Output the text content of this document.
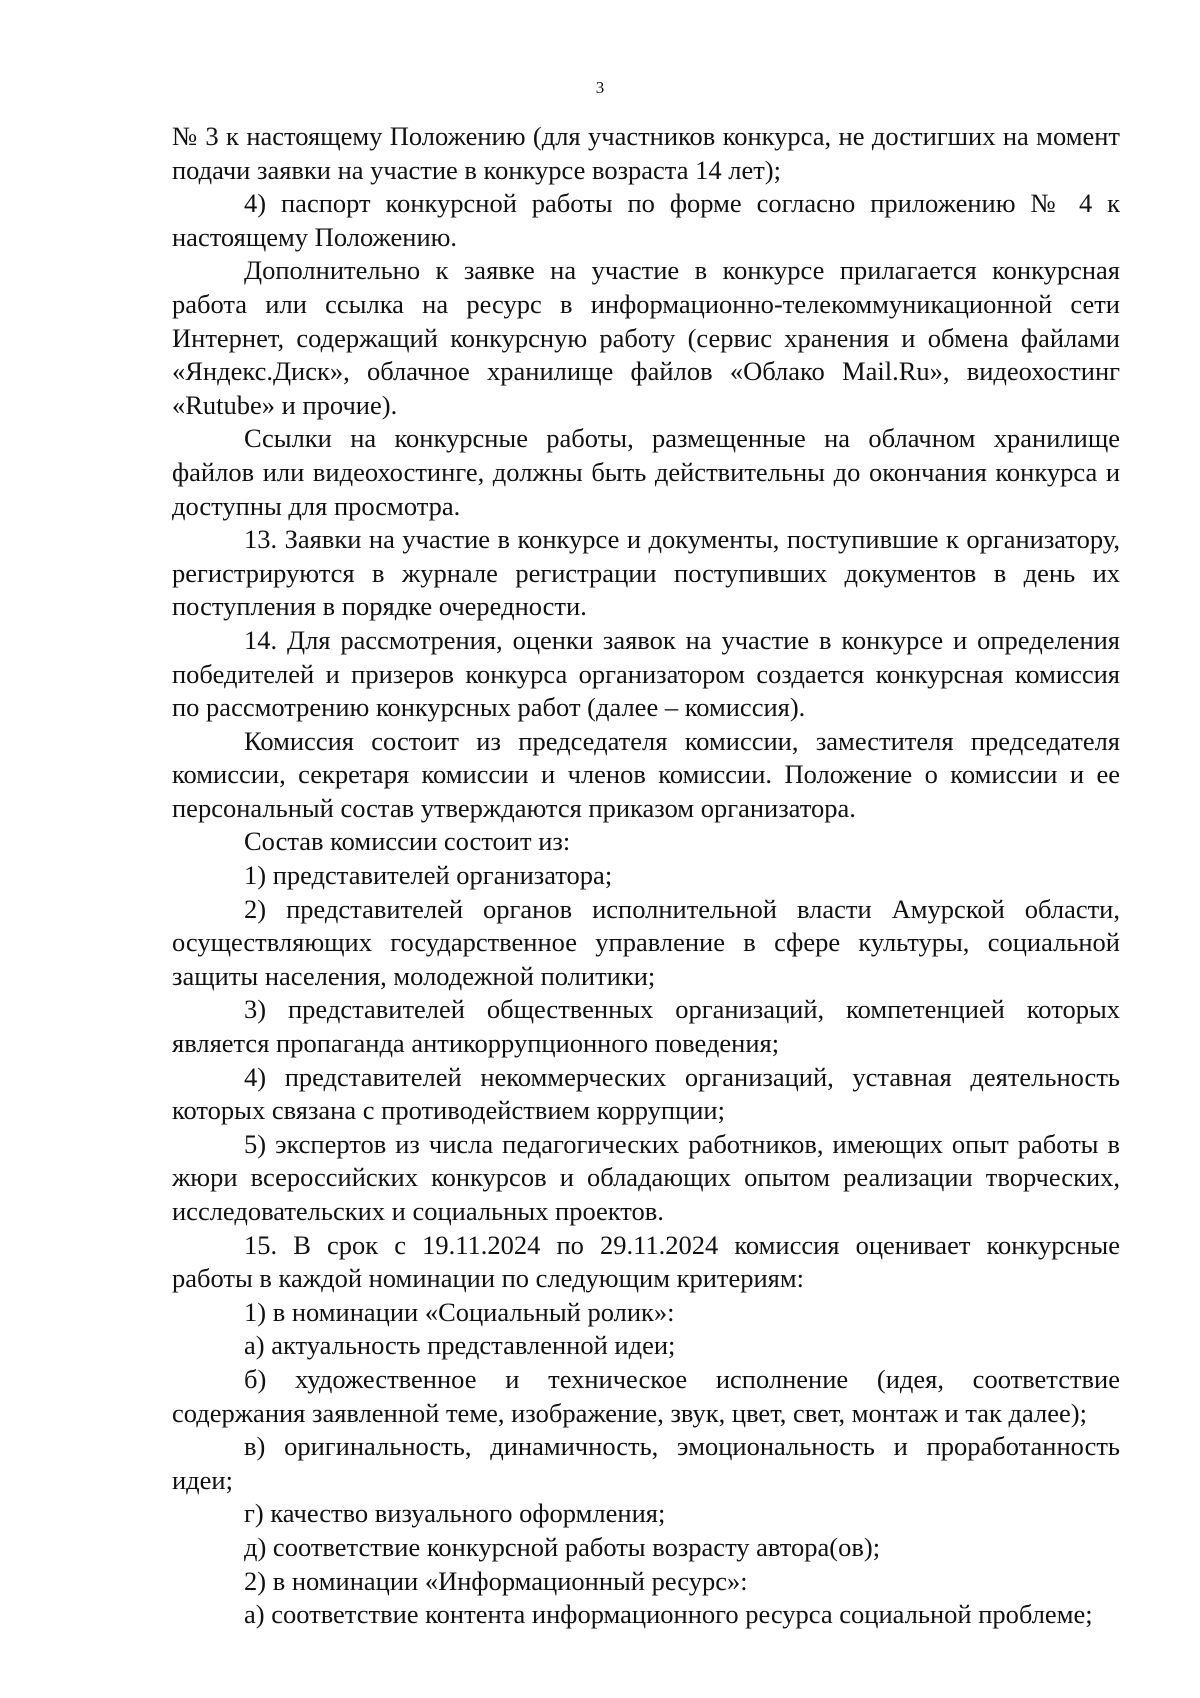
3

№ 3 к настоящему Положению (для участников конкурса, не достигших на момент подачи заявки на участие в конкурсе возраста 14 лет);

4) паспорт конкурсной работы по форме согласно приложению № 4 к настоящему Положению.

Дополнительно к заявке на участие в конкурсе прилагается конкурсная работа или ссылка на ресурс в информационно-телекоммуникационной сети Интернет, содержащий конкурсную работу (сервис хранения и обмена файлами «Яндекс.Диск», облачное хранилище файлов «Облако Mail.Ru», видеохостинг «Rutube» и прочие).

Ссылки на конкурсные работы, размещенные на облачном хранилище файлов или видеохостинге, должны быть действительны до окончания конкурса и доступны для просмотра.

13. Заявки на участие в конкурсе и документы, поступившие к организатору, регистрируются в журнале регистрации поступивших документов в день их поступления в порядке очередности.

14. Для рассмотрения, оценки заявок на участие в конкурсе и определения победителей и призеров конкурса организатором создается конкурсная комиссия по рассмотрению конкурсных работ (далее – комиссия).

Комиссия состоит из председателя комиссии, заместителя председателя комиссии, секретаря комиссии и членов комиссии. Положение о комиссии и ее персональный состав утверждаются приказом организатора.

Состав комиссии состоит из:

1) представителей организатора;

2) представителей органов исполнительной власти Амурской области, осуществляющих государственное управление в сфере культуры, социальной защиты населения, молодежной политики;

3) представителей общественных организаций, компетенцией которых является пропаганда антикоррупционного поведения;

4) представителей некоммерческих организаций, уставная деятельность которых связана с противодействием коррупции;

5) экспертов из числа педагогических работников, имеющих опыт работы в жюри всероссийских конкурсов и обладающих опытом реализации творческих, исследовательских и социальных проектов.

15. В срок с 19.11.2024 по 29.11.2024 комиссия оценивает конкурсные работы в каждой номинации по следующим критериям:

1) в номинации «Социальный ролик»:

а) актуальность представленной идеи;

б) художественное и техническое исполнение (идея, соответствие содержания заявленной теме, изображение, звук, цвет, свет, монтаж и так далее);

в) оригинальность, динамичность, эмоциональность и проработанность идеи;

г) качество визуального оформления;

д) соответствие конкурсной работы возрасту автора(ов);

2) в номинации «Информационный ресурс»:

а) соответствие контента информационного ресурса социальной проблеме;
